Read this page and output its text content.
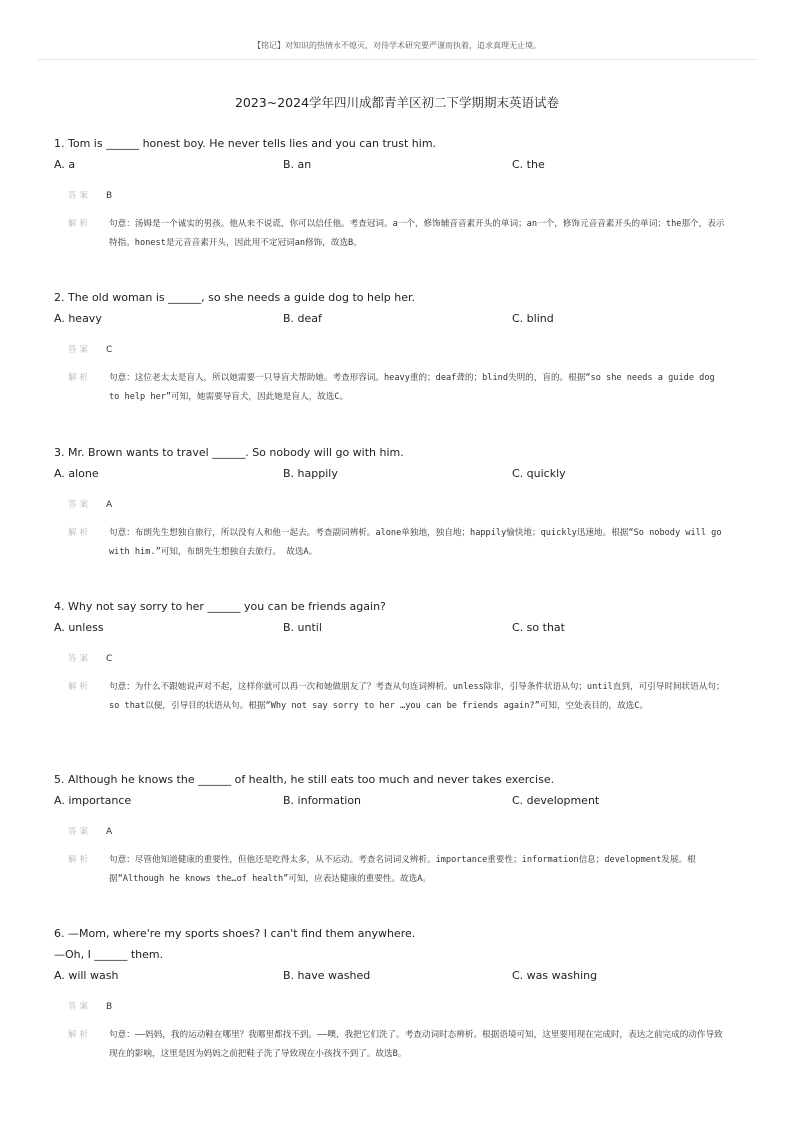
【铭记】对知识的热情永不熄灭，对待学术研究要严谨而执着，追求真理无止境。
2023~2024学年四川成都青羊区初二下学期期末英语试卷
1. Tom is ______ honest boy. He never tells lies and you can trust him.
A. a	B. an	C. the
答案 B
解析 句意：汤姆是一个诚实的男孩。他从来不说谎，你可以信任他。考查冠词。a一个，修饰辅音音素开头的单词；an一个，修饰元音音素开头的单词；the那个，表示特指。honest是元音音素开头，因此用不定冠词an修饰，故选B。
2. The old woman is ______, so she needs a guide dog to help her.
A. heavy	B. deaf	C. blind
答案 C
解析 句意：这位老太太是盲人，所以她需要一只导盲犬帮助她。考查形容词。heavy重的；deaf聋的；blind失明的，盲的。根据“so she needs a guide dog to help her”可知，她需要导盲犬，因此她是盲人，故选C。
3. Mr. Brown wants to travel ______. So nobody will go with him.
A. alone	B. happily	C. quickly
答案 A
解析 句意：布朗先生想独自旅行，所以没有人和他一起去。考查副词辨析。alone单独地，独自地；happily愉快地；quickly迅速地。根据“So nobody will go with him.”可知，布朗先生想独自去旅行。 故选A。
4. Why not say sorry to her ______ you can be friends again?
A. unless	B. until	C. so that
答案 C
解析 句意：为什么不跟她说声对不起，这样你就可以再一次和她做朋友了？考查从句连词辨析。unless除非，引导条件状语从句；until直到，可引导时间状语从句；so that以便，引导目的状语从句。根据“Why not say sorry to her …you can be friends again?”可知，空处表目的，故选C。
5. Although he knows the ______ of health, he still eats too much and never takes exercise.
A. importance	B. information	C. development
答案 A
解析 句意：尽管他知道健康的重要性，但他还是吃得太多，从不运动。考查名词词义辨析。importance重要性；information信息；development发展。根据“Although he knows the…of health”可知，应表达健康的重要性。故选A。
6. —Mom, where're my sports shoes? I can't find them anywhere.
—Oh, I ______ them.
A. will wash	B. have washed	C. was washing
答案 B
解析 句意：——妈妈，我的运动鞋在哪里？我哪里都找不到。——噢，我把它们洗了。考查动词时态辨析。根据语境可知，这里要用现在完成时，表达之前完成的动作导致现在的影响，这里是因为妈妈之前把鞋子洗了导致现在小孩找不到了。故选B。
